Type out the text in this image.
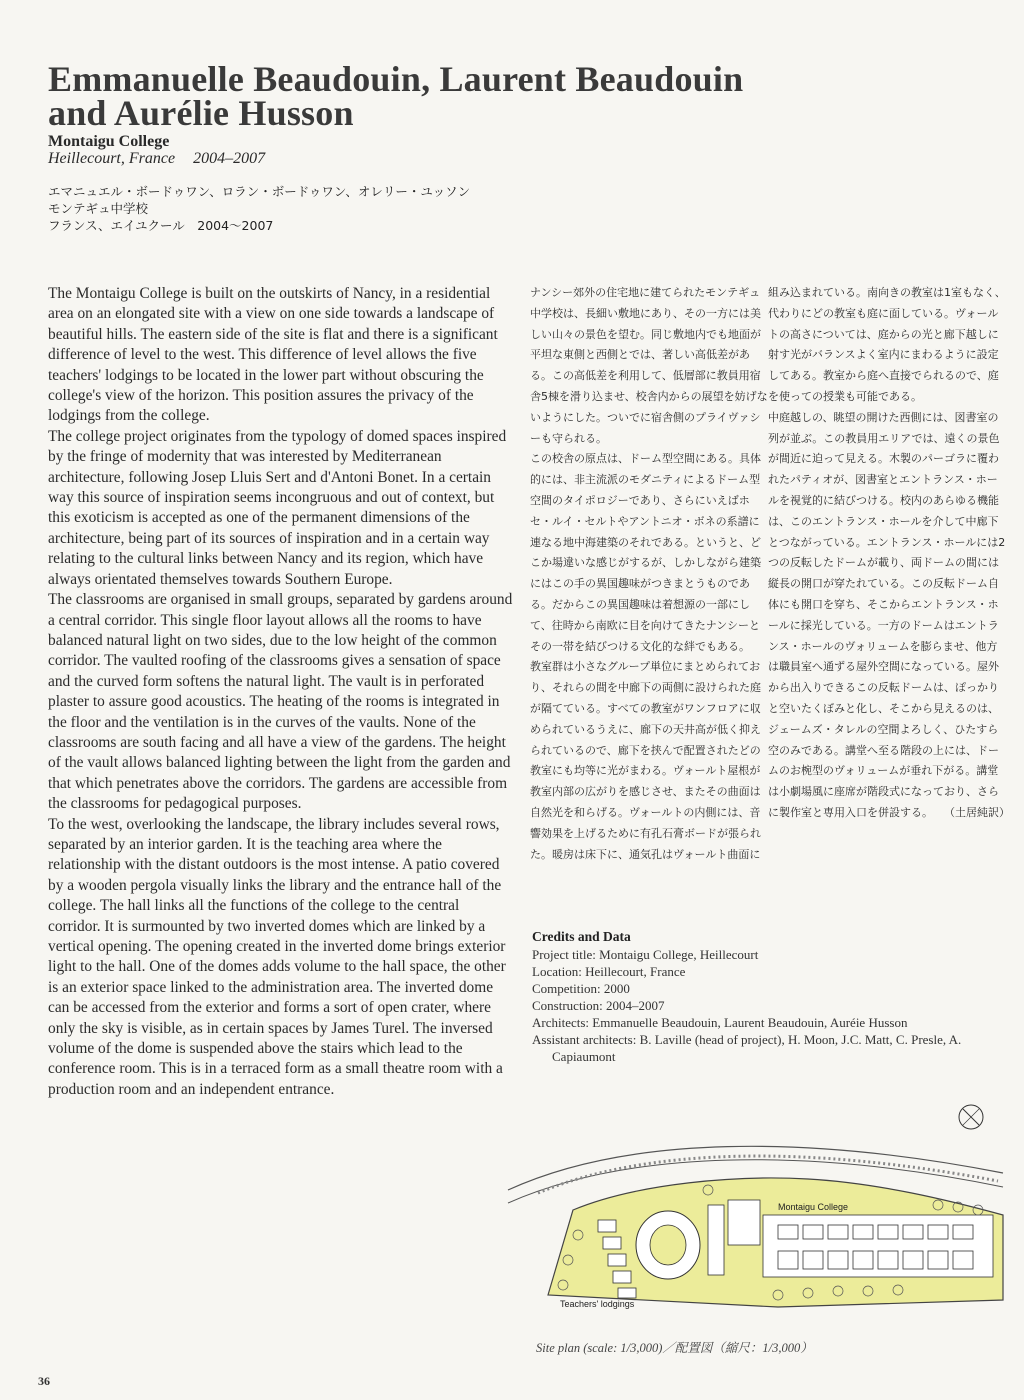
Emmanuelle Beaudouin, Laurent Beaudouin and Aurélie Husson
Montaigu College
Heillecourt, France 2004–2007
エマニュエル・ボードゥワン、ロラン・ボードゥワン、オレリー・ユッソン
モンテギュ中学校
フランス、エイユクール　2004～2007

The Montaigu College is built on the outskirts of Nancy, in a residential area on an elongated site with a view on one side towards a landscape of beautiful hills. The eastern side of the site is flat and there is a significant difference of level to the west. This difference of level allows the five teachers' lodgings to be located in the lower part without obscuring the college's view of the horizon. This position assures the privacy of the lodgings from the college.

The college project originates from the typology of domed spaces inspired by the fringe of modernity that was interested by Mediterranean architecture, following Josep Lluis Sert and d'Antoni Bonet. In a certain way this source of inspiration seems incongruous and out of context, but this exoticism is accepted as one of the permanent dimensions of the architecture, being part of its sources of inspiration and in a certain way relating to the cultural links between Nancy and its region, which have always orientated themselves towards Southern Europe.

The classrooms are organised in small groups, separated by gardens around a central corridor. This single floor layout allows all the rooms to have balanced natural light on two sides, due to the low height of the common corridor. The vaulted roofing of the classrooms gives a sensation of space and the curved form softens the natural light. The vault is in perforated plaster to assure good acoustics. The heating of the rooms is integrated in the floor and the ventilation is in the curves of the vaults. None of the classrooms are south facing and all have a view of the gardens. The height of the vault allows balanced lighting between the light from the garden and that which penetrates above the corridors. The gardens are accessible from the classrooms for pedagogical purposes.

To the west, overlooking the landscape, the library includes several rows, separated by an interior garden. It is the teaching area where the relationship with the distant outdoors is the most intense. A patio covered by a wooden pergola visually links the library and the entrance hall of the college. The hall links all the functions of the college to the central corridor. It is surmounted by two inverted domes which are linked by a vertical opening. The opening created in the inverted dome brings exterior light to the hall. One of the domes adds volume to the hall space, the other is an exterior space linked to the administration area. The inverted dome can be accessed from the exterior and forms a sort of open crater, where only the sky is visible, as in certain spaces by James Turel. The inversed volume of the dome is suspended above the stairs which lead to the conference room. This is in a terraced form as a small theatre room with a production room and an independent entrance.

ナンシー郊外の住宅地に建てられたモンテギュ中学校は、長細い敷地にあり、その一方には美しい山々の景色を望む。同じ敷地内でも地面が平坦な東側と西側とでは、著しい高低差がある。この高低差を利用して、低層部に教員用宿舎5棟を滑り込ませ、校舎内からの展望を妨げないようにした。ついでに宿舎側のプライヴァシーも守られる。

この校舎の原点は、ドーム型空間にある。具体的には、非主流派のモダニティによるドーム型空間のタイポロジーであり、さらにいえばホセ・ルイ・セルトやアントニオ・ボネの系譜に連なる地中海建築のそれである。というと、どこか場違いな感じがするが、しかしながら建築にはこの手の異国趣味がつきまとうものである。だからこの異国趣味は着想源の一部にして、往時から南欧に目を向けてきたナンシーとその一帯を結びつける文化的な絆でもある。

教室群は小さなグループ単位にまとめられており、それらの間を中廊下の両側に設けられた庭が隔てている。すべての教室がワンフロアに収められているうえに、廊下の天井高が低く抑えられているので、廊下を挟んで配置されたどの教室にも均等に光がまわる。ヴォールト屋根が教室内部の広がりを感じさせ、またその曲面は自然光を和らげる。ヴォールトの内側には、音響効果を上げるために有孔石膏ボードが張られた。暖房は床下に、通気孔はヴォールト曲面に

組み込まれている。南向きの教室は1室もなく、代わりにどの教室も庭に面している。ヴォールトの高さについては、庭からの光と廊下越しに射す光がバランスよく室内にまわるように設定してある。教室から庭へ直接でられるので、庭を使っての授業も可能である。

中庭越しの、眺望の開けた西側には、図書室の列が並ぶ。この教員用エリアでは、遠くの景色が間近に迫って見える。木製のパーゴラに覆われたパティオが、図書室とエントランス・ホールを視覚的に結びつける。校内のあらゆる機能は、このエントランス・ホールを介して中廊下とつながっている。エントランス・ホールには2つの反転したドームが載り、両ドームの間には縦長の開口が穿たれている。この反転ドーム自体にも開口を穿ち、そこからエントランス・ホールに採光している。一方のドームはエントランス・ホールのヴォリュームを膨らませ、他方は職員室へ通ずる屋外空間になっている。屋外から出入りできるこの反転ドームは、ぽっかりと空いたくぼみと化し、そこから見えるのは、ジェームズ・タレルの空間よろしく、ひたすら空のみである。講堂へ至る階段の上には、ドームのお椀型のヴォリュームが垂れ下がる。講堂は小劇場風に座席が階段式になっており、さらに製作室と専用入口を併設する。　　（土居純訳）

Credits and Data
Project title: Montaigu College, Heillecourt
Location: Heillecourt, France
Competition: 2000
Construction: 2004–2007
Architects: Emmanuelle Beaudouin, Laurent Beaudouin, Auréie Husson
Assistant architects: B. Laville (head of project), H. Moon, J.C. Matt, C. Presle, A.
Capiaumont
Montaigu College
Teachers' lodgings
Site plan (scale: 1/3,000)／配置図（縮尺：1/3,000）
36
